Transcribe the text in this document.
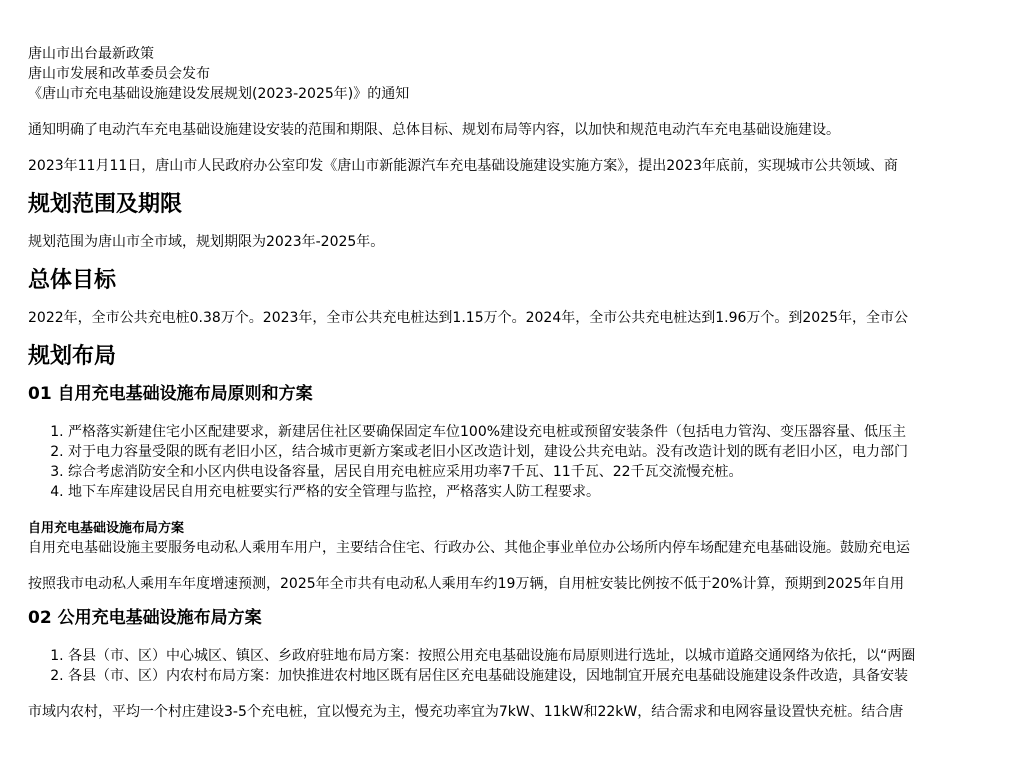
唐山市出台最新政策

唐山市发展和改革委员会发布

《唐山市充电基础设施建设发展规划(2023-2025年)》的通知

通知明确了电动汽车充电基础设施建设安装的范围和期限、总体目标、规划布局等内容，以加快和规范电动汽车充电基础设施建设。

2023年11月11日，唐山市人民政府办公室印发《唐山市新能源汽车充电基础设施建设实施方案》，提出2023年底前，实现城市公共领域、商

规划范围及期限

规划范围为唐山市全市域，规划期限为2023年-2025年。

总体目标

2022年，全市公共充电桩0.38万个。2023年，全市公共充电桩达到1.15万个。2024年，全市公共充电桩达到1.96万个。到2025年，全市公

规划布局
01 自用充电基础设施布局原则和方案
1. 严格落实新建住宅小区配建要求，新建居住社区要确保固定车位100%建设充电桩或预留安装条件（包括电力管沟、变压器容量、低压主
2. 对于电力容量受限的既有老旧小区，结合城市更新方案或老旧小区改造计划，建设公共充电站。没有改造计划的既有老旧小区，电力部门
3. 综合考虑消防安全和小区内供电设备容量，居民自用充电桩应采用功率7千瓦、11千瓦、22千瓦交流慢充桩。
4. 地下车库建设居民自用充电桩要实行严格的安全管理与监控，严格落实人防工程要求。
自用充电基础设施布局方案

自用充电基础设施主要服务电动私人乘用车用户，主要结合住宅、行政办公、其他企事业单位办公场所内停车场配建充电基础设施。鼓励充电运

按照我市电动私人乘用车年度增速预测，2025年全市共有电动私人乘用车约19万辆，自用桩安装比例按不低于20%计算，预期到2025年自用

02 公用充电基础设施布局方案
1. 各县（市、区）中心城区、镇区、乡政府驻地布局方案：按照公用充电基础设施布局原则进行选址，以城市道路交通网络为依托，以“两圈
2. 各县（市、区）内农村布局方案：加快推进农村地区既有居住区充电基础设施建设，因地制宜开展充电基础设施建设条件改造，具备安装

市域内农村，平均一个村庄建设3-5个充电桩，宜以慢充为主，慢充功率宜为7kW、11kW和22kW，结合需求和电网容量设置快充桩。结合唐
